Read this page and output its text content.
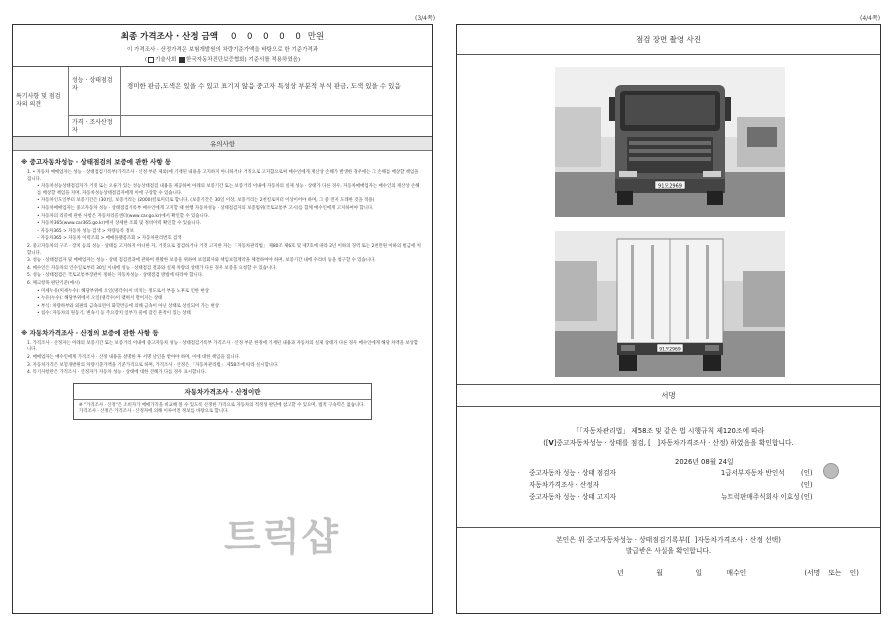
(3/4쪽)	(4/4쪽)
최종 가격조사 · 산정 금액 0 0 0 0 0 만원
이 가격조사 · 산정가격은 보험개발원의 차량기준가액을 바탕으로 한 기준가격과
( 기술사회 한국자동차진단보증협회) 기준서를 적용하였음)
특기사항 및 점검자의 의견
성능 · 상태점검자	경미한 판금,도색은 있을 수 있고 표기지 않음 중고자 특성상 부분적 부식 판금, 도색 있을 수 있음
가격 · 조사산정자
유의사항
※ 중고자동차성능 · 상태점검의 보증에 관한 사항 등
1. • 자동차 매매업자는 성능 · 상태점검기록부(가격조사 · 산정 부분 제외)에 기재된 내용을 고지하지 아니하거나 거짓으로 고지함으로써 매수인에게 재산상 손해가 발생한 경우에는 그 손해를 배상할 책임을 집니다.
• 자동차성능상태점검자가 거짓 또는 오류가 있는 성능상태점검 내용을 제공하여 아래의 보증기간 또는 보증거리 이내에 자동차의 실제 성능 · 상태가 다른 경우, 자동차매매업자는 매수인의 재산상 손해를 배상할 책임을 지며, 자동차성능상태점검자에게 이에 구상할 수 있습니다.
• 자동차인도일부터 보증기간은 (30)일, 보증거리는 (2000)킬로미터로 합니다. (보증기간은 30일 이상, 보증거리는 2천킬로미터 이상이어야 하며, 그 중 먼저 도래한 것을 적용)
• 자동차매매업자는 중고자동차 성능 · 상태점검기록부 매수인에게 고지할 때 현행 자동차성능 · 상태점검자의 보증범위(국토교통부 고시)를 함께 매수인에게 고지하여야 합니다.
• 자동차의 리콜에 관한 사항은 자동차리콜센터(www.car.go.kr)에서 확인할 수 있습니다.
• 자동차365(www.car365.go.kr)에서 상세한 조회 및 정비이력 확인할 수 있습니다.
– 자동차365 > 자동차 성능 검색 > 차량등록 정보
– 자동차365 > 자동차 이력조회 > 매매플랫폼조회 > 자동차관리번호 검색
2. 중고자동차의 구조 · 장치 등의 성능 · 상태를 고지하지 아니한 자, 거짓으로 점검하거나 거짓 고지한 자는 「자동차관리법」 제80조 제6호 및 제7호에 따라 2년 이하의 징역 또는 2천만원 이하의 벌금에 처합니다.
3. 성능 · 상태점검자 및 매매업자는 성능 · 상태 점검결과에 관하여 원활한 보증을 위하여 보험회사와 책임보험계약을 체결하여야 하며, 보증기간 내에 수리비 등을 청구할 수 있습니다.
4. 매수인은 자동차의 인수일로부터 30일 이내에 성능 · 상태점검 결과와 실제 차량의 상태가 다른 경우 보증을 요청할 수 있습니다.
5. 성능 · 상태점검은 국토교통부장관이 정하는 자동차성능 · 상태점검 방법에 따라야 합니다.
6. 체크항목 판단기준(예시)
• 미세누유(미세누수): 해당부위에 오일(냉각수)이 비치는 정도로서 부품 노후로 인한 현상
• 누유(누수): 해당부위에서 오일(냉각수)이 맺혀서 떨어지는 상태
• 부식: 차량하부와 외판의 금속표면이 화학반응에 의해 금속이 아닌 상태로 상실되어 가는 현상
• 침수: 자동차의 원동기, 변속기 등 주요장치 일부가 물에 잠긴 흔적이 있는 상태
※ 자동차가격조사 · 산정의 보증에 관한 사항 등
1. 가격조사 · 산정자는 아래의 보증기간 또는 보증거리 이내에 중고자동차 성능 · 상태점검기록부 가격조사 · 산정 부분 한정에 기재된 내용과 자동차의 실제 상태가 다른 경우 매수인에게 해당 차액을 보상합니다.
2. 매매업자는 매수인에게 가격조사 · 산정 내용을 설명한 후 서명 날인을 받아야 하며, 이에 대한 책임을 집니다.
3. 자동차가격은 보험개발원의 차량기준가액을 기준가격으로 하며, 가격조사 · 산정은 「자동차관리법」 제58조에 따라 실시합니다.
4. 특기사항란은 가격조사 · 산정자가 자동차 성능 · 상태에 대한 견해가 다를 경우 표시합니다.
자동차가격조사 · 산정이란
※ "가격조사 · 산정"은 소비자가 매매가격을 비교해 볼 수 있도록 산정한 가격으로 자동차의 적정성 판단에 참고할 수 있으며, 법적 구속력은 없습니다. 가격조사 · 산정은 가격조사 · 산정자에 의해 이루어진 정보를 바탕으로 합니다.
점검 장면 촬영 사진
91모2969
91모2969
서명
「「자동차관리법」 제58조 및 같은 법 시행규칙 제120조에 따라
([V]중고자동차성능 · 상태를 점검, [ ]자동차가격조사 · 산정) 하였음을 확인합니다.
2026년 08월 24일
중고자동차 성능 · 상태 점검자	1급서부자동차 반인석 (인)
자동차가격조사 · 산정자	(인)
중고자동차 성능 · 상태 고지자	뉴트럭판매주식회사 이효성 (인)
본인은 위 중고자동차성능 · 상태점검기록부([  ]자동차가격조사 · 산정 선택)
발급받은 사실을 확인합니다.
년	월	일	매수인	(서명 또는 인)
트럭샵
